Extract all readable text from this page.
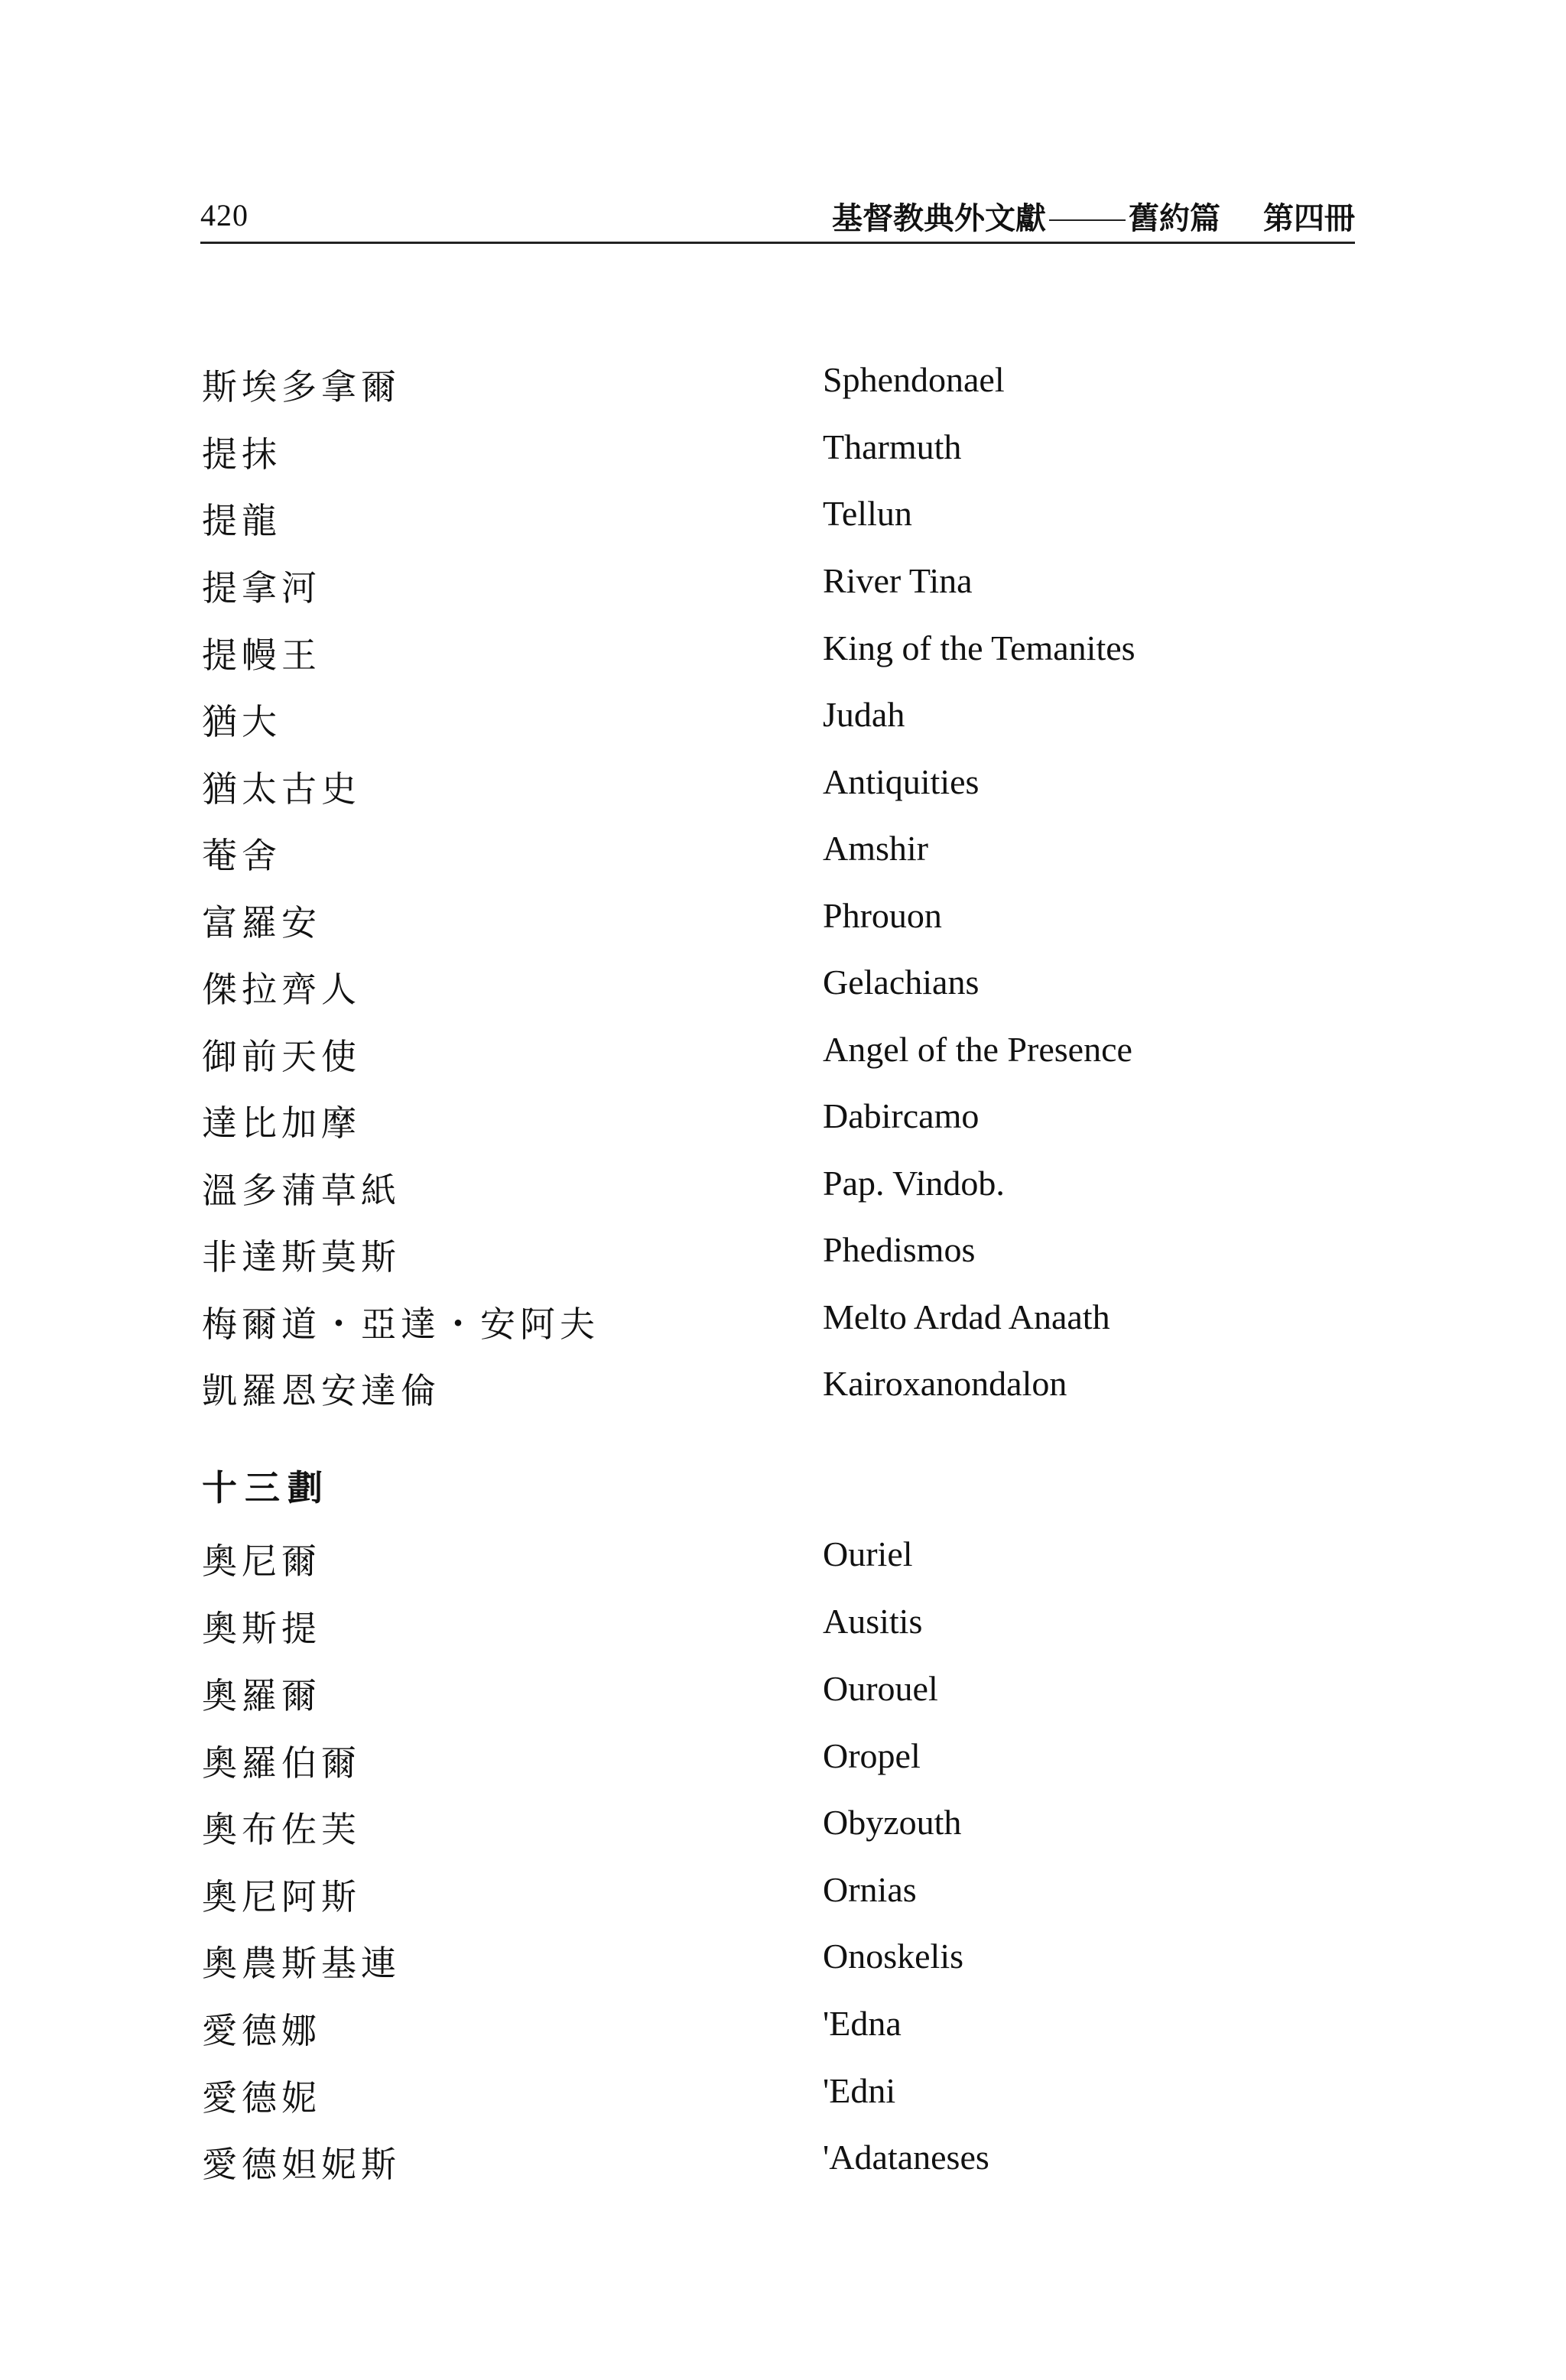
420	基督教典外文獻	舊約篇 第四冊
斯埃多拿爾	Sphendonael
提抹	Tharmuth
提龍	Tellun
提拿河	River Tina
提幔王	King of the Temanites
猶大	Judah
猶太古史	Antiquities
菴舍	Amshir
富羅安	Phrouon
傑拉齊人	Gelachians
御前天使	Angel of the Presence
達比加摩	Dabircamo
溫多蒲草紙	Pap. Vindob.
非達斯莫斯	Phedismos
梅爾道・亞達・安阿夫	Melto Ardad Anaath
凱羅恩安達倫	Kairoxanondalon
十三劃
奧尼爾	Ouriel
奧斯提	Ausitis
奧羅爾	Ourouel
奧羅伯爾	Oropel
奧布佐芙	Obyzouth
奧尼阿斯	Ornias
奧農斯基連	Onoskelis
愛德娜	'Edna
愛德妮	'Edni
愛德妲妮斯	'Adataneses
